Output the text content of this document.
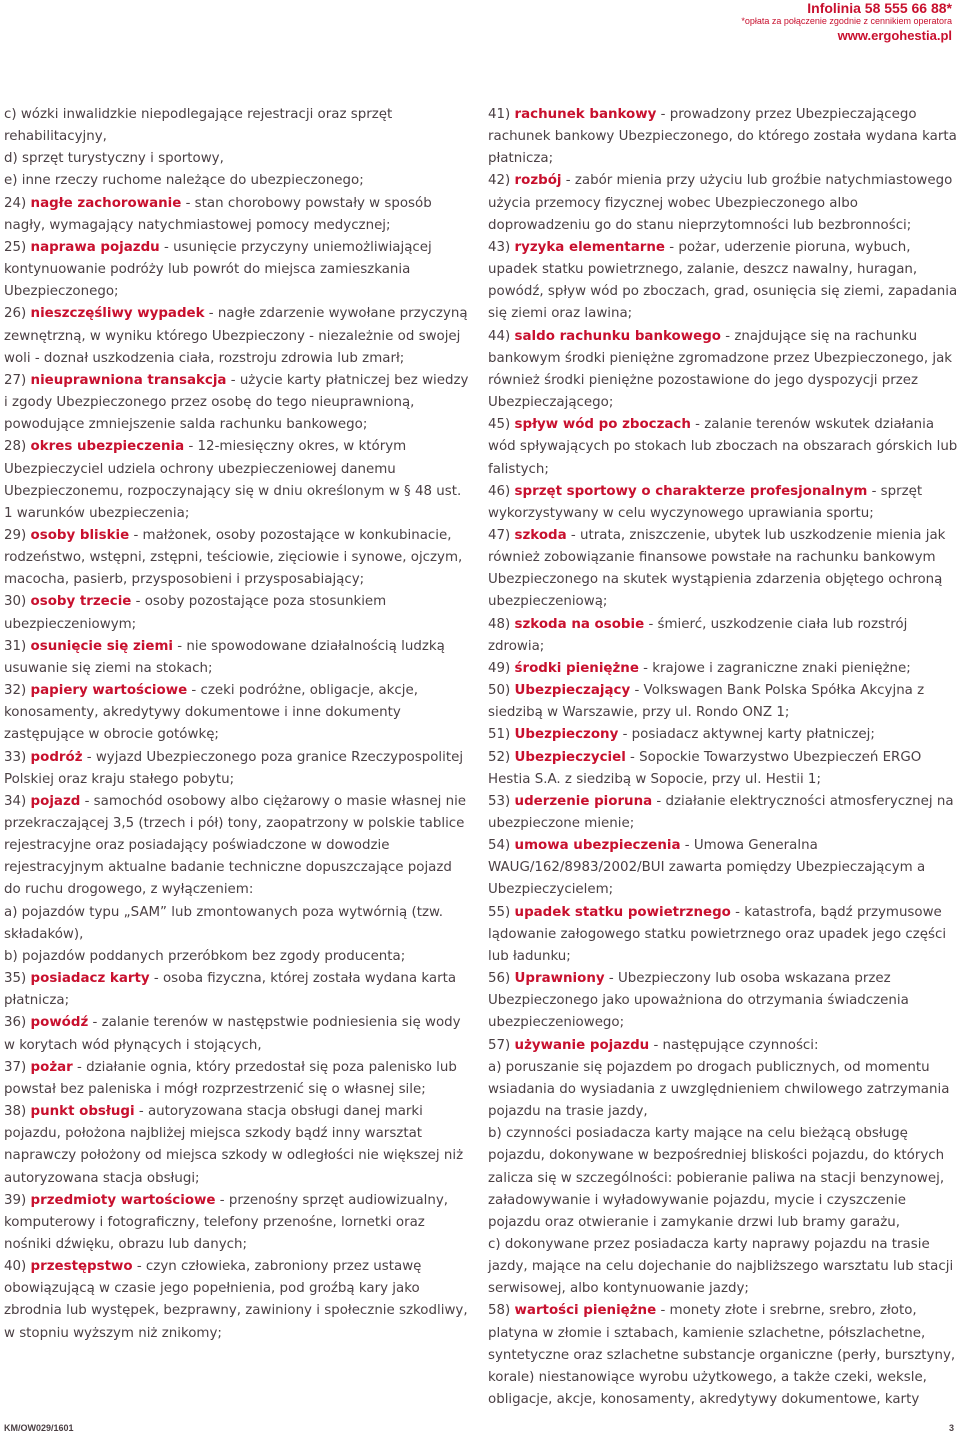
Infolinia 58 555 66 88*
*opłata za połączenie zgodnie z cennikiem operatora
www.ergohestia.pl

c) wózki inwalidzkie niepodlegające rejestracji oraz sprzęt rehabilitacyjny,

d) sprzęt turystyczny i sportowy,

e) inne rzeczy ruchome należące do ubezpieczonego;

24) nagłe zachorowanie - stan chorobowy powstały w sposób nagły, wymagający natychmiastowej pomocy medycznej;

25) naprawa pojazdu - usunięcie przyczyny uniemożliwiającej kontynuowanie podróży lub powrót do miejsca zamieszkania Ubezpieczonego;

26) nieszczęśliwy wypadek - nagłe zdarzenie wywołane przyczyną zewnętrzną, w wyniku którego Ubezpieczony - niezależnie od swojej woli - doznał uszkodzenia ciała, rozstroju zdrowia lub zmarł;

27) nieuprawniona transakcja - użycie karty płatniczej bez wiedzy i zgody Ubezpieczonego przez osobę do tego nieuprawnioną, powodujące zmniejszenie salda rachunku bankowego;

28) okres ubezpieczenia - 12-miesięczny okres, w którym Ubezpieczyciel udziela ochrony ubezpieczeniowej danemu Ubezpieczonemu, rozpoczynający się w dniu określonym w § 48 ust. 1 warunków ubezpieczenia;

29) osoby bliskie - małżonek, osoby pozostające w konkubinacie, rodzeństwo, wstępni, zstępni, teściowie, zięciowie i synowe, ojczym, macocha, pasierb, przysposobieni i przysposabiający;

30) osoby trzecie - osoby pozostające poza stosunkiem ubezpieczeniowym;

31) osunięcie się ziemi - nie spowodowane działalnością ludzką usuwanie się ziemi na stokach;

32) papiery wartościowe - czeki podróżne, obligacje, akcje, konosamenty, akredytywy dokumentowe i inne dokumenty zastępujące w obrocie gotówkę;

33) podróż - wyjazd Ubezpieczonego poza granice Rzeczypospolitej Polskiej oraz kraju stałego pobytu;

34) pojazd - samochód osobowy albo ciężarowy o masie własnej nie przekraczającej 3,5 (trzech i pół) tony, zaopatrzony w polskie tablice rejestracyjne oraz posiadający poświadczone w dowodzie rejestracyjnym aktualne badanie techniczne dopuszczające pojazd do ruchu drogowego, z wyłączeniem:

a) pojazdów typu „SAM” lub zmontowanych poza wytwórnią (tzw. składaków),

b) pojazdów poddanych przeróbkom bez zgody producenta;

35) posiadacz karty - osoba fizyczna, której została wydana karta płatnicza;

36) powódź - zalanie terenów w następstwie podniesienia się wody w korytach wód płynących i stojących,

37) pożar - działanie ognia, który przedostał się poza palenisko lub powstał bez paleniska i mógł rozprzestrzenić się o własnej sile;

38) punkt obsługi - autoryzowana stacja obsługi danej marki pojazdu, położona najbliżej miejsca szkody bądź inny warsztat naprawczy położony od miejsca szkody w odległości nie większej niż autoryzowana stacja obsługi;

39) przedmioty wartościowe - przenośny sprzęt audiowizualny, komputerowy i fotograficzny, telefony przenośne, lornetki oraz nośniki dźwięku, obrazu lub danych;

40) przestępstwo - czyn człowieka, zabroniony przez ustawę obowiązującą w czasie jego popełnienia, pod groźbą kary jako zbrodnia lub występek, bezprawny, zawiniony i społecznie szkodliwy, w stopniu wyższym niż znikomy;

41) rachunek bankowy - prowadzony przez Ubezpieczającego rachunek bankowy Ubezpieczonego, do którego została wydana karta płatnicza;

42) rozbój - zabór mienia przy użyciu lub groźbie natychmiastowego użycia przemocy fizycznej wobec Ubezpieczonego albo doprowadzeniu go do stanu nieprzytomności lub bezbronności;

43) ryzyka elementarne - pożar, uderzenie pioruna, wybuch, upadek statku powietrznego, zalanie, deszcz nawalny, huragan, powódź, spływ wód po zboczach, grad, osunięcia się ziemi, zapadania się ziemi oraz lawina;

44) saldo rachunku bankowego - znajdujące się na rachunku bankowym środki pieniężne zgromadzone przez Ubezpieczonego, jak również środki pieniężne pozostawione do jego dyspozycji przez Ubezpieczającego;

45) spływ wód po zboczach - zalanie terenów wskutek działania wód spływających po stokach lub zboczach na obszarach górskich lub falistych;

46) sprzęt sportowy o charakterze profesjonalnym - sprzęt wykorzystywany w celu wyczynowego uprawiania sportu;

47) szkoda - utrata, zniszczenie, ubytek lub uszkodzenie mienia jak również zobowiązanie finansowe powstałe na rachunku bankowym Ubezpieczonego na skutek wystąpienia zdarzenia objętego ochroną ubezpieczeniową;

48) szkoda na osobie - śmierć, uszkodzenie ciała lub rozstrój zdrowia;

49) środki pieniężne - krajowe i zagraniczne znaki pieniężne;

50) Ubezpieczający - Volkswagen Bank Polska Spółka Akcyjna z siedzibą w Warszawie, przy ul. Rondo ONZ 1;

51) Ubezpieczony - posiadacz aktywnej karty płatniczej;

52) Ubezpieczyciel - Sopockie Towarzystwo Ubezpieczeń ERGO Hestia S.A. z siedzibą w Sopocie, przy ul. Hestii 1;

53) uderzenie pioruna - działanie elektryczności atmosferycznej na ubezpieczone mienie;

54) umowa ubezpieczenia - Umowa Generalna WAUG/162/8983/2002/BUI zawarta pomiędzy Ubezpieczającym a Ubezpieczycielem;

55) upadek statku powietrznego - katastrofa, bądź przymusowe lądowanie załogowego statku powietrznego oraz upadek jego części lub ładunku;

56) Uprawniony - Ubezpieczony lub osoba wskazana przez Ubezpieczonego jako upoważniona do otrzymania świadczenia ubezpieczeniowego;

57) używanie pojazdu - następujące czynności:

a) poruszanie się pojazdem po drogach publicznych, od momentu wsiadania do wysiadania z uwzględnieniem chwilowego zatrzymania pojazdu na trasie jazdy,

b) czynności posiadacza karty mające na celu bieżącą obsługę pojazdu, dokonywane w bezpośredniej bliskości pojazdu, do których zalicza się w szczególności: pobieranie paliwa na stacji benzynowej, załadowywanie i wyładowywanie pojazdu, mycie i czyszczenie pojazdu oraz otwieranie i zamykanie drzwi lub bramy garażu,

c) dokonywane przez posiadacza karty naprawy pojazdu na trasie jazdy, mające na celu dojechanie do najbliższego warsztatu lub stacji serwisowej, albo kontynuowanie jazdy;

58) wartości pieniężne - monety złote i srebrne, srebro, złoto, platyna w złomie i sztabach, kamienie szlachetne, półszlachetne, syntetyczne oraz szlachetne substancje organiczne (perły, bursztyny, korale) niestanowiące wyrobu użytkowego, a także czeki, weksle, obligacje, akcje, konosamenty, akredytywy dokumentowe, karty

KM/OW029/1601	3
